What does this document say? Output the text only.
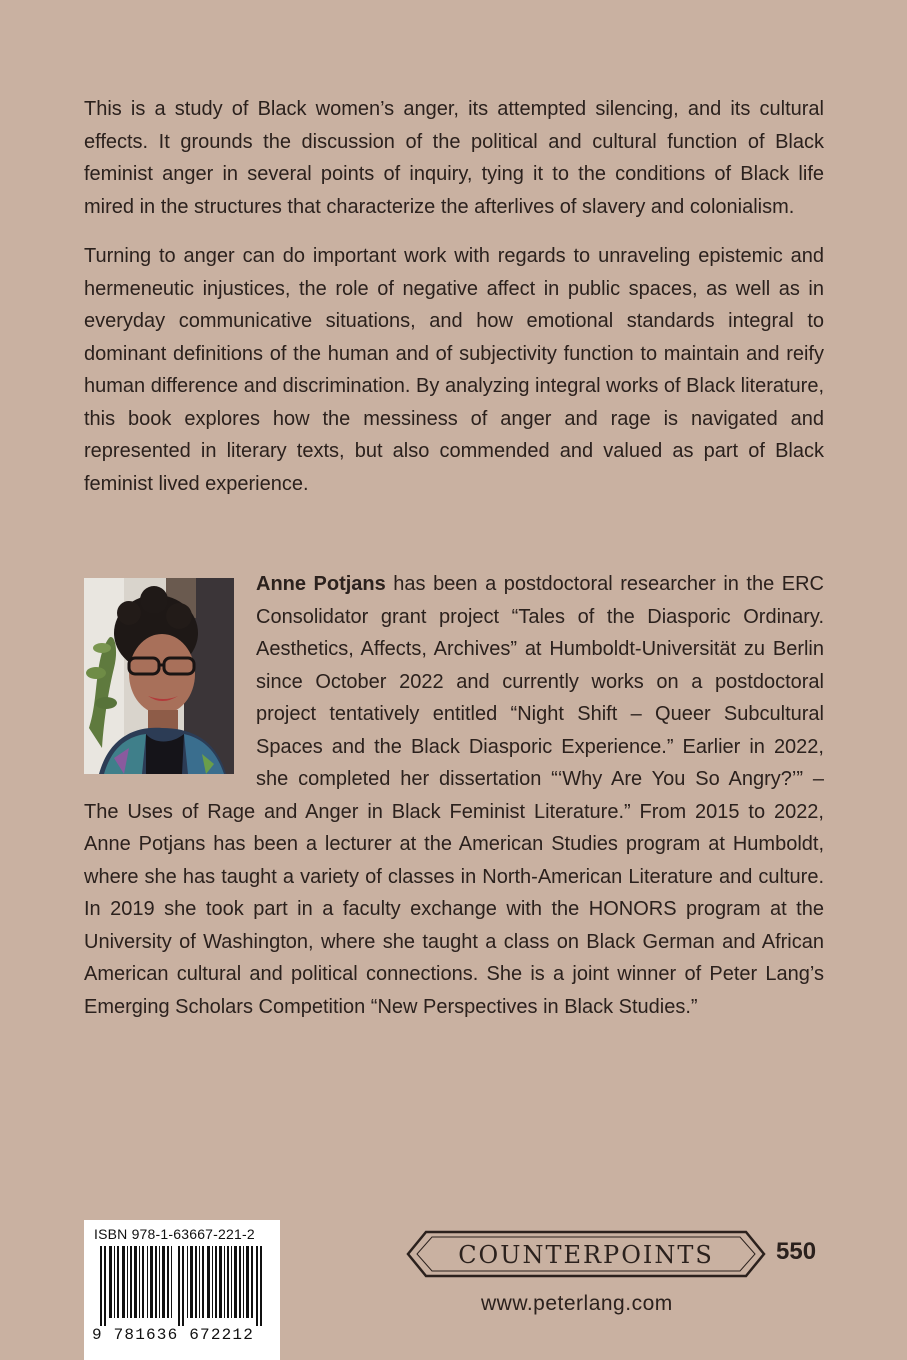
This is a study of Black women’s anger, its attempted silencing, and its cultural effects. It grounds the discussion of the political and cultural function of Black feminist anger in several points of inquiry, tying it to the conditions of Black life mired in the structures that characterize the afterlives of slavery and colonialism.

Turning to anger can do important work with regards to unraveling epistemic and hermeneutic injustices, the role of negative affect in public spaces, as well as in everyday communicative situations, and how emotional standards integral to dominant definitions of the human and of subjectivity function to maintain and reify human difference and discrimination. By analyzing integral works of Black literature, this book explores how the messiness of anger and rage is navigated and represented in literary texts, but also commended and valued as part of Black feminist lived experience.

Anne Potjans has been a postdoctoral researcher in the ERC Consolidator grant project “Tales of the Diasporic Ordinary. Aesthetics, Affects, Archives” at Humboldt-Universität zu Berlin since October 2022 and currently works on a postdoctoral project tentatively entitled “Night Shift – Queer Subcultural Spaces and the Black Diasporic Experience.” Earlier in 2022, she completed her dissertation “‘Why Are You So Angry?’” – The Uses of Rage and Anger in Black Feminist Literature.” From 2015 to 2022, Anne Potjans has been a lecturer at the American Studies program at Humboldt, where she has taught a variety of classes in North-American Literature and culture. In 2019 she took part in a faculty exchange with the HONORS program at the University of Washington, where she taught a class on Black German and African American cultural and political connections. She is a joint winner of Peter Lang’s Emerging Scholars Competition “New Perspectives in Black Studies.”
ISBN 978-1-63667-221-2
9 781636 672212
COUNTERPOINTS	550
www.peterlang.com
